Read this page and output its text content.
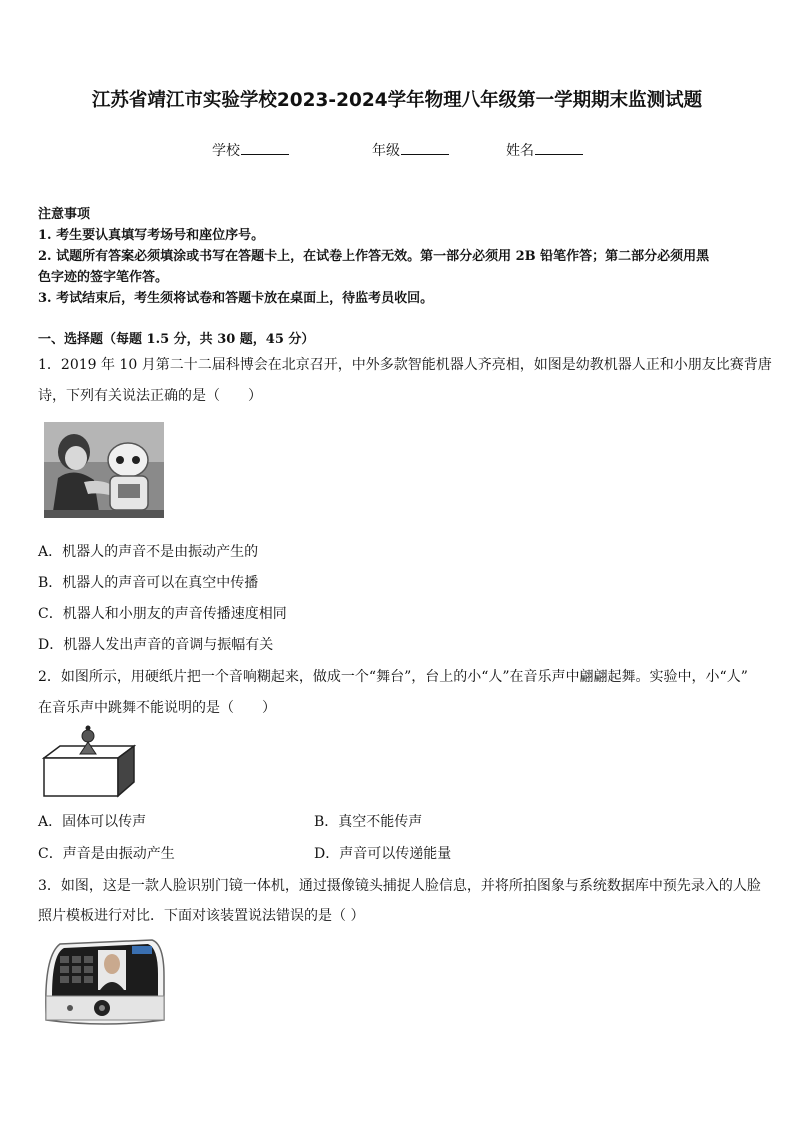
江苏省靖江市实验学校2023-2024学年物理八年级第一学期期末监测试题
学校	年级	姓名
注意事项
1. 考生要认真填写考场号和座位序号。
2. 试题所有答案必须填涂或书写在答题卡上，在试卷上作答无效。第一部分必须用 2B 铅笔作答；第二部分必须用黑
色字迹的签字笔作答。
3. 考试结束后，考生须将试卷和答题卡放在桌面上，待监考员收回。
一、选择题（每题 1.5 分，共 30 题，45 分）
1．2019 年 10 月第二十二届科博会在北京召开，中外多款智能机器人齐亮相，如图是幼教机器人正和小朋友比赛背唐
诗，下列有关说法正确的是（　　）
A．机器人的声音不是由振动产生的
B．机器人的声音可以在真空中传播
C．机器人和小朋友的声音传播速度相同
D．机器人发出声音的音调与振幅有关
2．如图所示，用硬纸片把一个音响糊起来，做成一个“舞台”，台上的小“人”在音乐声中翩翩起舞。实验中，小“人”
在音乐声中跳舞不能说明的是（　　）
A．固体可以传声	B．真空不能传声
C．声音是由振动产生	D．声音可以传递能量
3．如图，这是一款人脸识别门镜一体机，通过摄像镜头捕捉人脸信息，并将所拍图象与系统数据库中预先录入的人脸
照片模板进行对比．下面对该装置说法错误的是（ ）
